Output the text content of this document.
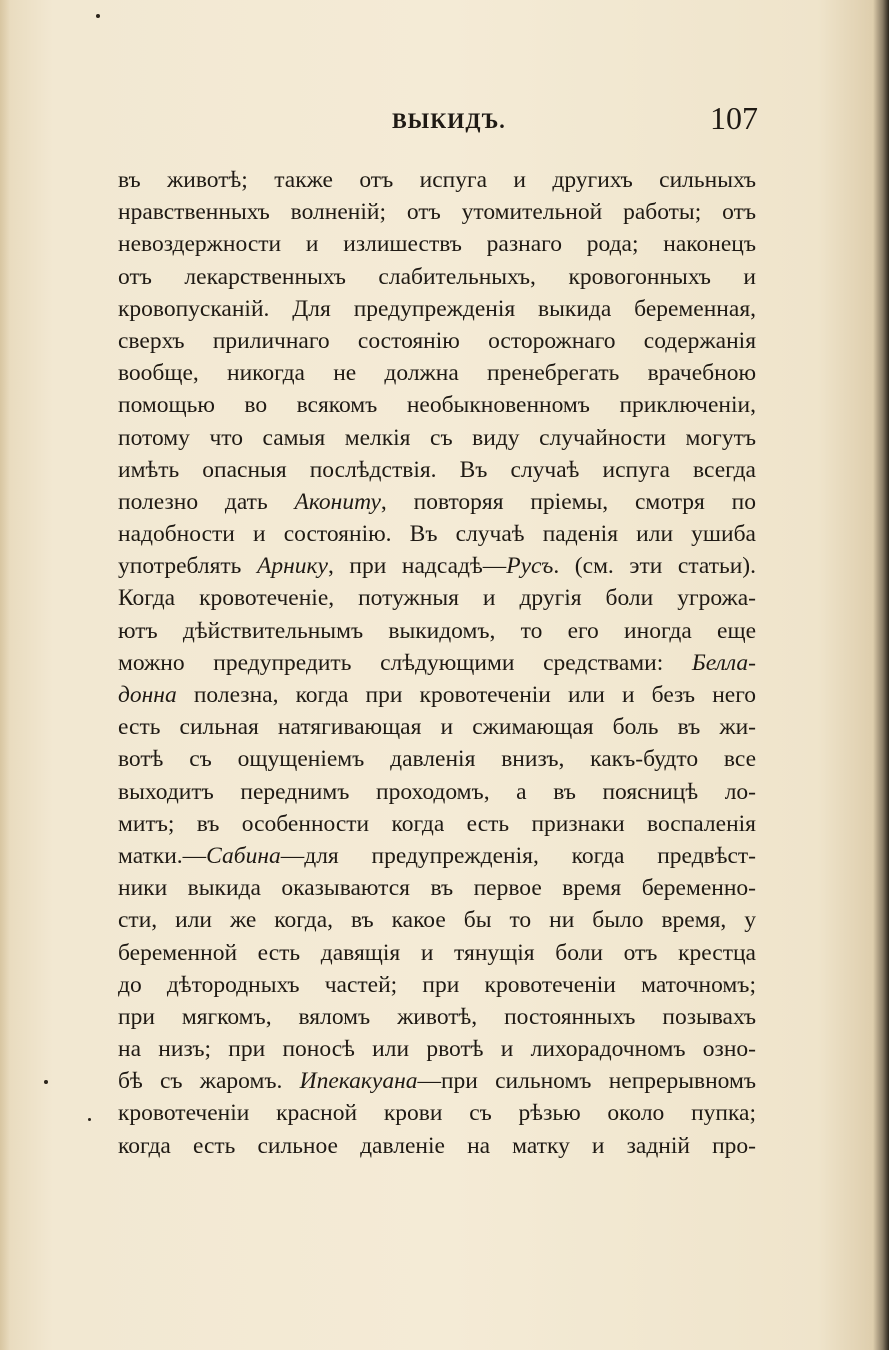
ВЫКИДЪ.	107
въ животѣ; также отъ испуга и другихъ сильныхъ
нравственныхъ волненій; отъ утомительной работы; отъ
невоздержности и излишествъ разнаго рода; наконецъ
отъ лекарственныхъ слабительныхъ, кровогонныхъ и
кровопусканій. Для предупрежденія выкида беременная,
сверхъ приличнаго состоянію осторожнаго содержанія
вообще, никогда не должна пренебрегать врачебною
помощью во всякомъ необыкновенномъ приключеніи,
потому что самыя мелкія съ виду случайности могутъ
имѣть опасныя послѣдствія. Въ случаѣ испуга всегда
полезно дать Акониту, повторяя пріемы, смотря по
надобности и состоянію. Въ случаѣ паденія или ушиба
употреблять Арнику, при надсадѣ—Русъ. (см. эти статьи).
Когда кровотеченіе, потужныя и другія боли угрожа-
ютъ дѣйствительнымъ выкидомъ, то его иногда еще
можно предупредить слѣдующими средствами: Белла-
донна полезна, когда при кровотеченіи или и безъ него
есть сильная натягивающая и сжимающая боль въ жи-
вотѣ съ ощущеніемъ давленія внизъ, какъ-будто все
выходитъ переднимъ проходомъ, а въ поясницѣ ло-
митъ; въ особенности когда есть признаки воспаленія
матки.—Сабина—для предупрежденія, когда предвѣст-
ники выкида оказываются въ первое время беременно-
сти, или же когда, въ какое бы то ни было время, у
беременной есть давящія и тянущія боли отъ крестца
до дѣтородныхъ частей; при кровотеченіи маточномъ;
при мягкомъ, вяломъ животѣ, постоянныхъ позывахъ
на низъ; при поносѣ или рвотѣ и лихорадочномъ озно-
бѣ съ жаромъ. Ипекакуана—при сильномъ непрерывномъ
кровотеченіи красной крови съ рѣзью около пупка;
когда есть сильное давленіе на матку и задній про-
